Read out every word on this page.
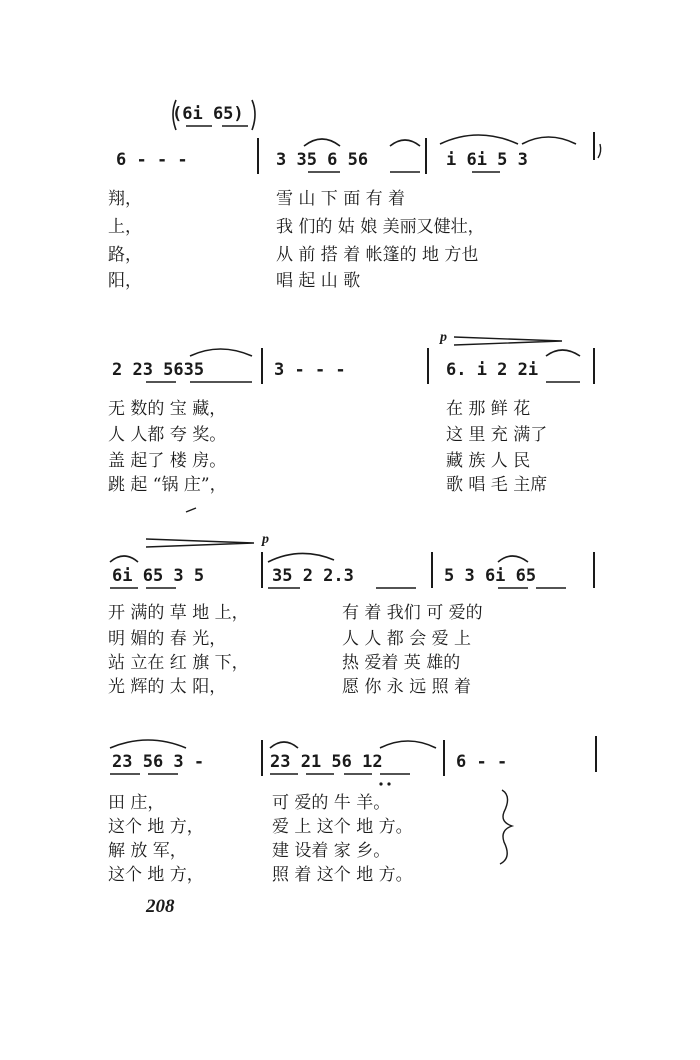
(6i 65)
6 - - -	3 35 6 56	i 6i 5 3
翔，	雪 山 下 面 有 着
上，	我 们的 姑 娘 美丽又健壮，
路，	从 前 搭 着 帐篷的 地 方也
阳，	唱 起 山 歌
p
2 23 5635	3 - - -	6. i 2 2i
无 数的 宝 藏，	在 那 鲜 花
人 人都 夸 奖。	这 里 充 满了
盖 起了 楼 房。	藏 族 人 民
跳 起 “锅 庄”，	歌 唱 毛 主席
p
6i 65 3 5	35 2 2.3	5 3 6i 65
开 满的 草 地 上，	有 着 我们 可 爱的
明 媚的 春 光，	人 人 都 会 爱 上
站 立在 红 旗 下，	热 爱着 英 雄的
光 辉的 太 阳，	愿 你 永 远 照 着
23 56 3 -	23 21 56 12	6 - -
田 庄，	可 爱的 牛 羊。
这个 地 方，	爱 上 这个 地 方。
解 放 军，	建 设着 家 乡。
这个 地 方，	照 着 这个 地 方。
208
